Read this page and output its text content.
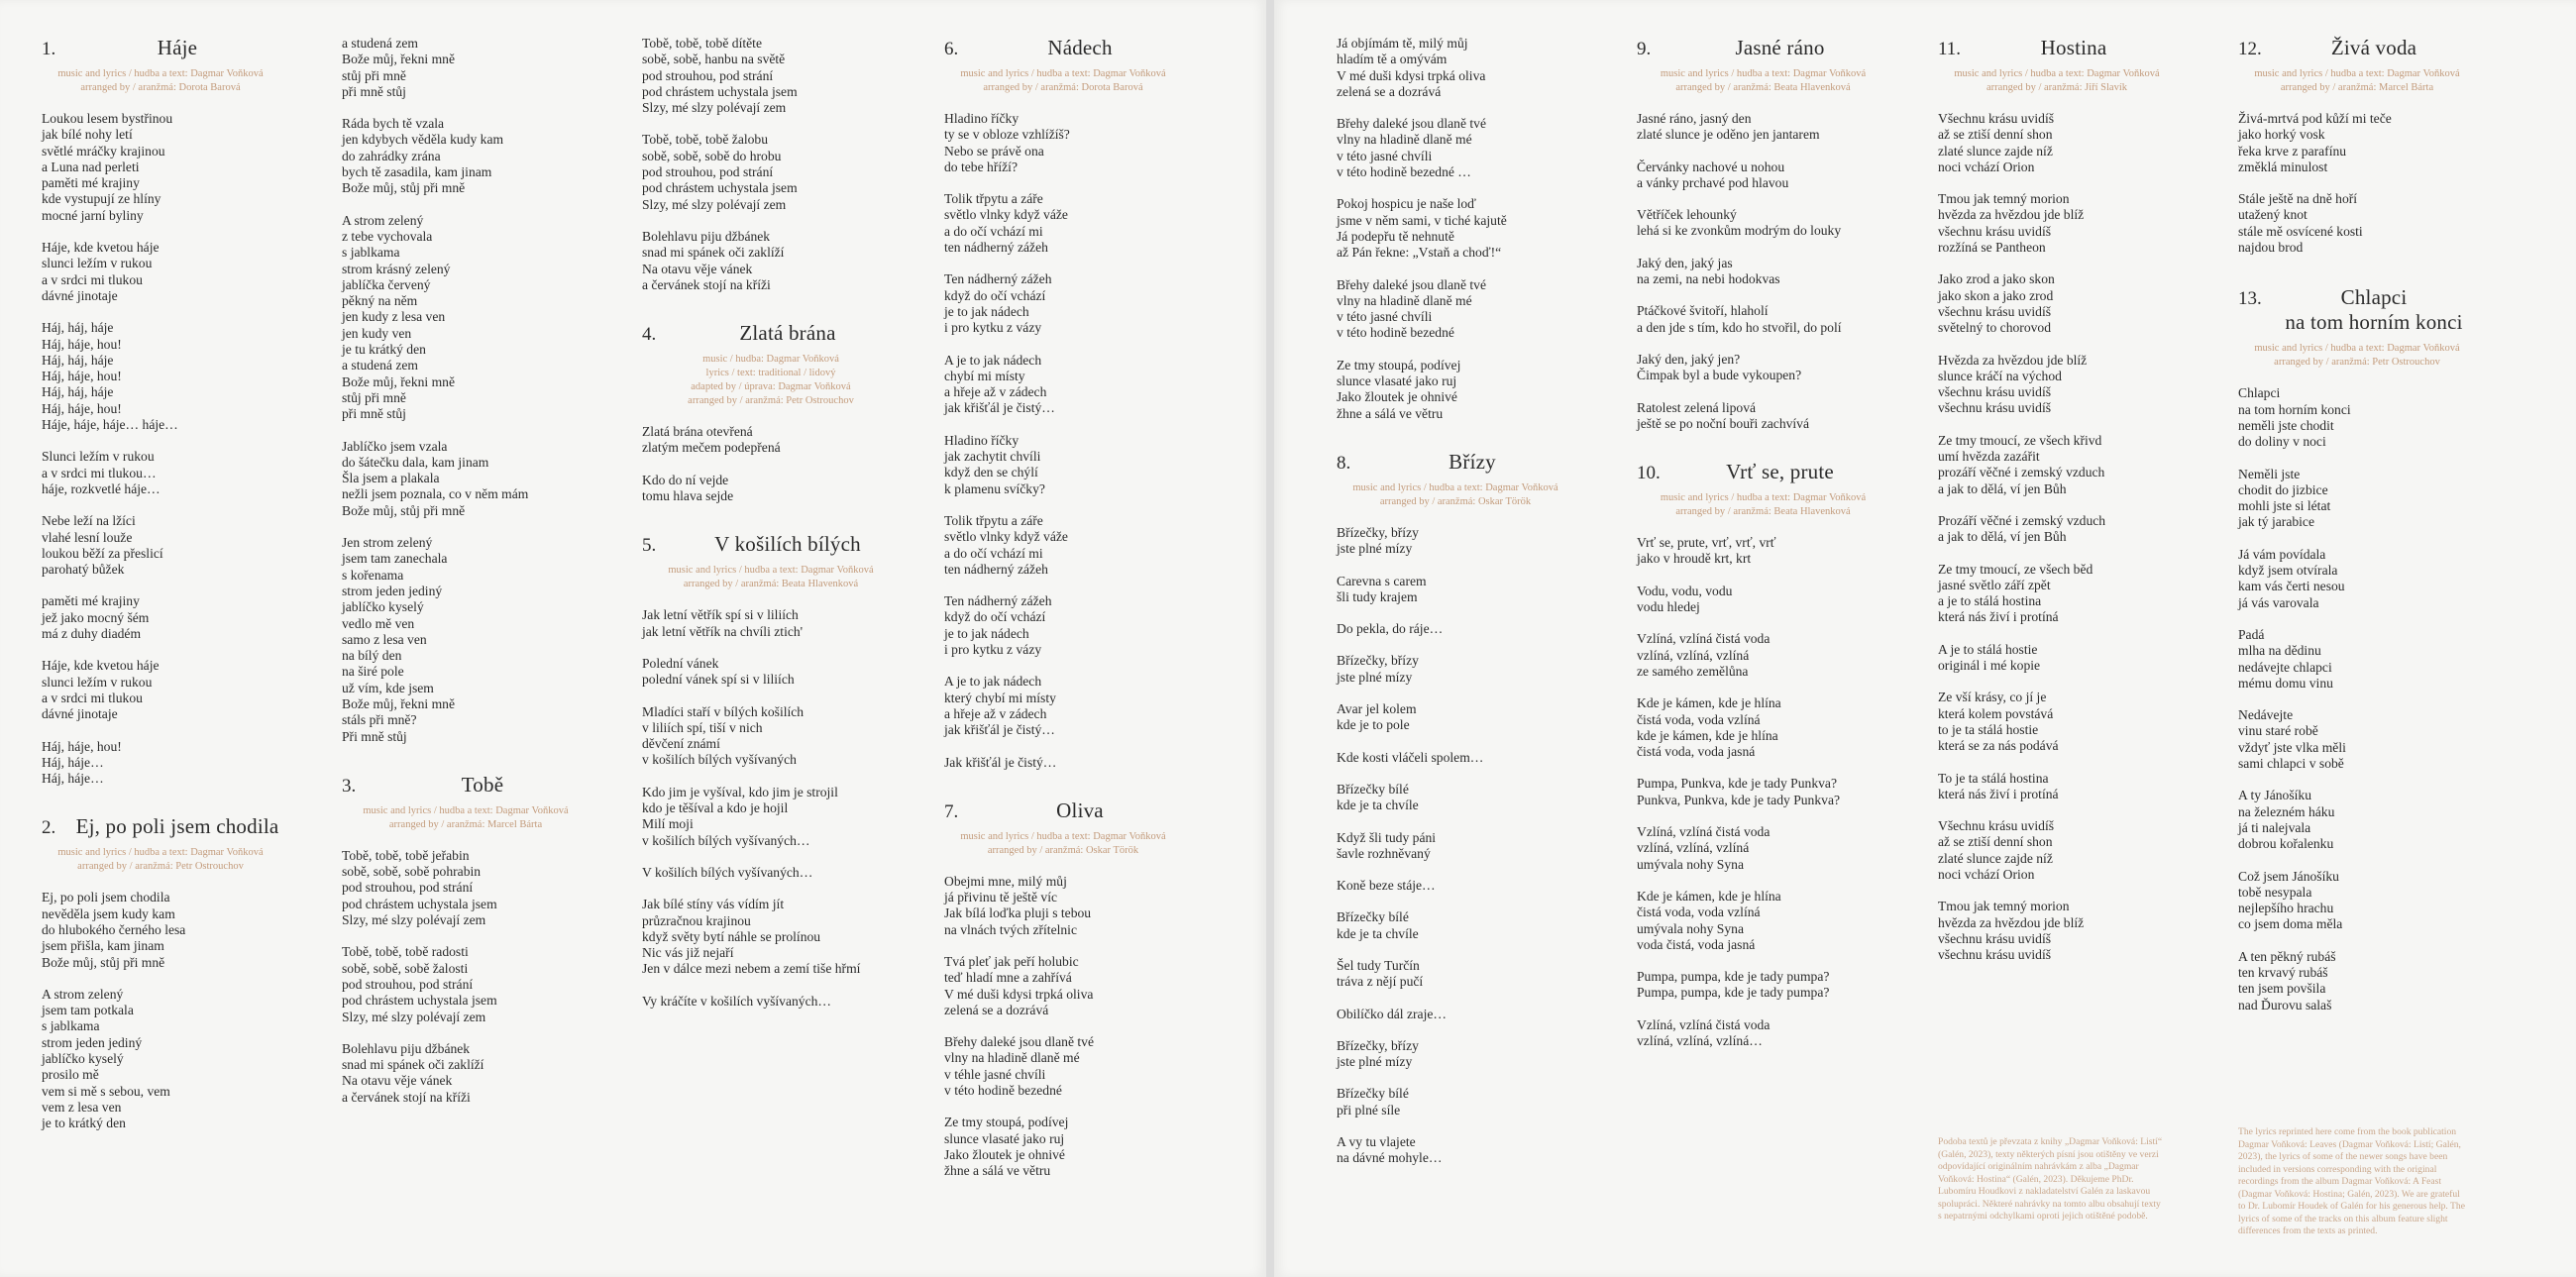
1.	Háje
music and lyrics / hudba a text: Dagmar Voňková
arranged by / aranžmá: Dorota Barová
Loukou lesem bystřinou
jak bílé nohy letí
světlé mráčky krajinou
a Luna nad perleti
paměti mé krajiny
kde vystupují ze hlíny
mocné jarní byliny
Háje, kde kvetou háje
slunci ležím v rukou
a v srdci mi tlukou
dávné jinotaje
Háj, háj, háje
Háj, háje, hou!
Háj, háj, háje
Háj, háje, hou!
Háj, háj, háje
Háj, háje, hou!
Háje, háje, háje… háje…
Slunci ležím v rukou
a v srdci mi tlukou…
háje, rozkvetlé háje…
Nebe leží na lžíci
vlahé lesní louže
loukou běží za přeslicí
parohatý bůžek
paměti mé krajiny
jež jako mocný šém
má z duhy diadém
Háje, kde kvetou háje
slunci ležím v rukou
a v srdci mi tlukou
dávné jinotaje
Háj, háje, hou!
Háj, háje…
Háj, háje…
2. Ej, po poli jsem chodila
music and lyrics / hudba a text: Dagmar Voňková
arranged by / aranžmá: Petr Ostrouchov
Ej, po poli jsem chodila
nevěděla jsem kudy kam
do hlubokého černého lesa
jsem přišla, kam jinam
Bože můj, stůj při mně
A strom zelený
jsem tam potkala
s jablkama
strom jeden jediný
jablíčko kyselý
prosilo mě
vem si mě s sebou, vem
vem z lesa ven
je to krátký den
a studená zem
Bože můj, řekni mně
stůj při mně
při mně stůj
Ráda bych tě vzala
jen kdybych věděla kudy kam
do zahrádky zrána
bych tě zasadila, kam jinam
Bože můj, stůj při mně
A strom zelený
z tebe vychovala
s jablkama
strom krásný zelený
jablíčka červený
pěkný na něm
jen kudy z lesa ven
jen kudy ven
je tu krátký den
a studená zem
Bože můj, řekni mně
stůj při mně
při mně stůj
Jablíčko jsem vzala
do šátečku dala, kam jinam
Šla jsem a plakala
nežli jsem poznala, co v něm mám
Bože můj, stůj při mně
Jen strom zelený
jsem tam zanechala
s kořenama
strom jeden jediný
jablíčko kyselý
vedlo mě ven
samo z lesa ven
na bílý den
na širé pole
už vím, kde jsem
Bože můj, řekni mně
stáls při mně?
Při mně stůj
3.	Tobě
music and lyrics / hudba a text: Dagmar Voňková
arranged by / aranžmá: Marcel Bárta
Tobě, tobě, tobě jeřabin
sobě, sobě, sobě pohrabin
pod strouhou, pod strání
pod chrástem uchystala jsem
Slzy, mé slzy polévají zem
Tobě, tobě, tobě radosti
sobě, sobě, sobě žalosti
pod strouhou, pod strání
pod chrástem uchystala jsem
Slzy, mé slzy polévají zem
Bolehlavu piju džbánek
snad mi spánek oči zaklíží
Na otavu věje vánek
a červánek stojí na kříži
Tobě, tobě, tobě dítěte
sobě, sobě, hanbu na světě
pod strouhou, pod strání
pod chrástem uchystala jsem
Slzy, mé slzy polévají zem
Tobě, tobě, tobě žalobu
sobě, sobě, sobě do hrobu
pod strouhou, pod strání
pod chrástem uchystala jsem
Slzy, mé slzy polévají zem
Bolehlavu piju džbánek
snad mi spánek oči zaklíží
Na otavu věje vánek
a červánek stojí na kříži
4.	Zlatá brána
music / hudba: Dagmar Voňková
lyrics / text: traditional / lidový
adapted by / úprava: Dagmar Voňková
arranged by / aranžmá: Petr Ostrouchov
Zlatá brána otevřená
zlatým mečem podepřená
Kdo do ní vejde
tomu hlava sejde
5.	V košilích bílých
music and lyrics / hudba a text: Dagmar Voňková
arranged by / aranžmá: Beata Hlavenková
Jak letní větřík spí si v liliích
jak letní větřík na chvíli ztich'
Polední vánek
polední vánek spí si v liliích
Mladíci staří v bílých košilích
v liliích spí, tiší v nich
děvčení známí
v košilích bílých vyšívaných
Kdo jim je vyšíval, kdo jim je strojil
kdo je těšíval a kdo je hojil
Milí moji
v košilích bílých vyšívaných…
V košilích bílých vyšívaných…
Jak bílé stíny vás vídím jít
průzračnou krajinou
když světy bytí náhle se prolínou
Nic vás již nejaří
Jen v dálce mezi nebem a zemí tiše hřmí
Vy kráčíte v košilích vyšívaných…
6.	Nádech
music and lyrics / hudba a text: Dagmar Voňková
arranged by / aranžmá: Dorota Barová
Hladino říčky
ty se v obloze vzhlížíš?
Nebo se právě ona
do tebe hříží?
Tolik třpytu a záře
světlo vlnky když váže
a do očí vchází mi
ten nádherný zážeh
Ten nádherný zážeh
když do očí vchází
je to jak nádech
i pro kytku z vázy
A je to jak nádech
chybí mi místy
a hřeje až v zádech
jak křišťál je čistý…
Hladino říčky
jak zachytit chvíli
když den se chýlí
k plamenu svíčky?
Tolik třpytu a záře
světlo vlnky když váže
a do očí vchází mi
ten nádherný zážeh
Ten nádherný zážeh
když do očí vchází
je to jak nádech
i pro kytku z vázy
A je to jak nádech
který chybí mi místy
a hřeje až v zádech
jak křišťál je čistý…
Jak křišťál je čistý…
7.	Oliva
music and lyrics / hudba a text: Dagmar Voňková
arranged by / aranžmá: Oskar Török
Obejmi mne, milý můj
já přivinu tě ještě víc
Jak bílá loďka pluji s tebou
na vlnách tvých zřítelnic
Tvá pleť jak peří holubic
teď hladí mne a zahřívá
V mé duši kdysi trpká oliva
zelená se a dozrává
Břehy daleké jsou dlaně tvé
vlny na hladině dlaně mé
v téhle jasné chvíli
v této hodině bezedné
Ze tmy stoupá, podívej
slunce vlasaté jako ruj
Jako žloutek je ohnivé
žhne a sálá ve větru
Já objímám tě, milý můj
hladím tě a omývám
V mé duši kdysi trpká oliva
zelená se a dozrává
Břehy daleké jsou dlaně tvé
vlny na hladině dlaně mé
v této jasné chvíli
v této hodině bezedné …
Pokoj hospicu je naše loď
jsme v něm sami, v tiché kajutě
Já podepřu tě nehnutě
až Pán řekne: „Vstaň a choď!“
Břehy daleké jsou dlaně tvé
vlny na hladině dlaně mé
v této jasné chvíli
v této hodině bezedné
Ze tmy stoupá, podívej
slunce vlasaté jako ruj
Jako žloutek je ohnivé
žhne a sálá ve větru
8.	Břízy
music and lyrics / hudba a text: Dagmar Voňková
arranged by / aranžmá: Oskar Török
Břízečky, břízy
jste plné mízy
Carevna s carem
šli tudy krajem
Do pekla, do ráje…
Břízečky, břízy
jste plné mízy
Avar jel kolem
kde je to pole
Kde kosti vláčeli spolem…
Břízečky bílé
kde je ta chvíle
Když šli tudy páni
šavle rozhněvaný
Koně beze stáje…
Břízečky bílé
kde je ta chvíle
Šel tudy Turčín
tráva z nějí pučí
Obilíčko dál zraje…
Břízečky, břízy
jste plné mízy
Břízečky bílé
při plné síle
A vy tu vlajete
na dávné mohyle…
9.	Jasné ráno
music and lyrics / hudba a text: Dagmar Voňková
arranged by / aranžmá: Beata Hlavenková
Jasné ráno, jasný den
zlaté slunce je oděno jen jantarem
Červánky nachové u nohou
a vánky prchavé pod hlavou
Větříček lehounký
lehá si ke zvonkům modrým do louky
Jaký den, jaký jas
na zemi, na nebi hodokvas
Ptáčkové švitoří, hlaholí
a den jde s tím, kdo ho stvořil, do polí
Jaký den, jaký jen?
Čimpak byl a bude vykoupen?
Ratolest zelená lipová
ještě se po noční bouři zachvívá
10.	Vrť se, prute
music and lyrics / hudba a text: Dagmar Voňková
arranged by / aranžmá: Beata Hlavenková
Vrť se, prute, vrť, vrť, vrť
jako v hroudě krt, krt
Vodu, vodu, vodu
vodu hledej
Vzlíná, vzlíná čistá voda
vzlíná, vzlíná, vzlíná
ze samého zemělůna
Kde je kámen, kde je hlína
čistá voda, voda vzlíná
kde je kámen, kde je hlína
čistá voda, voda jasná
Pumpa, Punkva, kde je tady Punkva?
Punkva, Punkva, kde je tady Punkva?
Vzlíná, vzlíná čistá voda
vzlíná, vzlíná, vzlíná
umývala nohy Syna
Kde je kámen, kde je hlína
čistá voda, voda vzlíná
umývala nohy Syna
voda čistá, voda jasná
Pumpa, pumpa, kde je tady pumpa?
Pumpa, pumpa, kde je tady pumpa?
Vzlíná, vzlíná čistá voda
vzlíná, vzlíná, vzlíná…
11.	Hostina
music and lyrics / hudba a text: Dagmar Voňková
arranged by / aranžmá: Jiří Slavík
Všechnu krásu uvidíš
až se ztiší denní shon
zlaté slunce zajde níž
noci vchází Orion
Tmou jak temný morion
hvězda za hvězdou jde blíž
všechnu krásu uvidíš
rozžíná se Pantheon
Jako zrod a jako skon
jako skon a jako zrod
všechnu krásu uvidíš
světelný to chorovod
Hvězda za hvězdou jde blíž
slunce kráčí na východ
všechnu krásu uvidíš
všechnu krásu uvidíš
Ze tmy tmoucí, ze všech křivd
umí hvězda zazářit
prozáří věčné i zemský vzduch
a jak to dělá, ví jen Bůh
Prozáří věčné i zemský vzduch
a jak to dělá, ví jen Bůh
Ze tmy tmoucí, ze všech běd
jasné světlo září zpět
a je to stálá hostina
která nás živí i protíná
A je to stálá hostie
originál i mé kopie
Ze vší krásy, co jí je
která kolem povstává
to je ta stálá hostie
která se za nás podává
To je ta stálá hostina
která nás živí i protíná
Všechnu krásu uvidíš
až se ztiší denní shon
zlaté slunce zajde níž
noci vchází Orion
Tmou jak temný morion
hvězda za hvězdou jde blíž
všechnu krásu uvidíš
všechnu krásu uvidíš
12.	Živá voda
music and lyrics / hudba a text: Dagmar Voňková
arranged by / aranžmá: Marcel Bárta
Živá-mrtvá pod kůží mi teče
jako horký vosk
řeka krve z parafínu
změklá minulost
Stále ještě na dně hoří
utažený knot
stále mě osvícené kosti
najdou brod
13.	Chlapci
na tom horním konci
music and lyrics / hudba a text: Dagmar Voňková
arranged by / aranžmá: Petr Ostrouchov
Chlapci
na tom horním konci
neměli jste chodit
do doliny v noci
Neměli jste
chodit do jizbice
mohli jste si létat
jak tý jarabice
Já vám povídala
když jsem otvírala
kam vás čerti nesou
já vás varovala
Padá
mlha na dědinu
nedávejte chlapci
mému domu vinu
Nedávejte
vinu staré robě
vždyť jste vlka měli
sami chlapci v sobě
A ty Jánošíku
na železném háku
já ti nalejvala
dobrou kořalenku
Což jsem Jánošíku
tobě nesypala
nejlepšího hrachu
co jsem doma měla
A ten pěkný rubáš
ten krvavý rubáš
ten jsem povšila
nad Ďurovu salaš
Podoba textů je převzata z knihy „Dagmar Voňková: Listí“ (Galén, 2023), texty některých písní jsou otištěny ve verzi odpovídající originálním nahrávkám z alba „Dagmar Voňková: Hostina“ (Galén, 2023). Děkujeme PhDr. Lubomíru Houdkovi z nakladatelství Galén za laskavou spolupráci. Některé nahrávky na tomto albu obsahují texty s nepatrnými odchylkami oproti jejich otištěné podobě.
The lyrics reprinted here come from the book publication Dagmar Voňková: Leaves (Dagmar Voňková: Listí; Galén, 2023), the lyrics of some of the newer songs have been included in versions corresponding with the original recordings from the album Dagmar Voňková: A Feast (Dagmar Voňková: Hostina; Galén, 2023). We are grateful to Dr. Lubomír Houdek of Galén for his generous help. The lyrics of some of the tracks on this album feature slight differences from the texts as printed.
